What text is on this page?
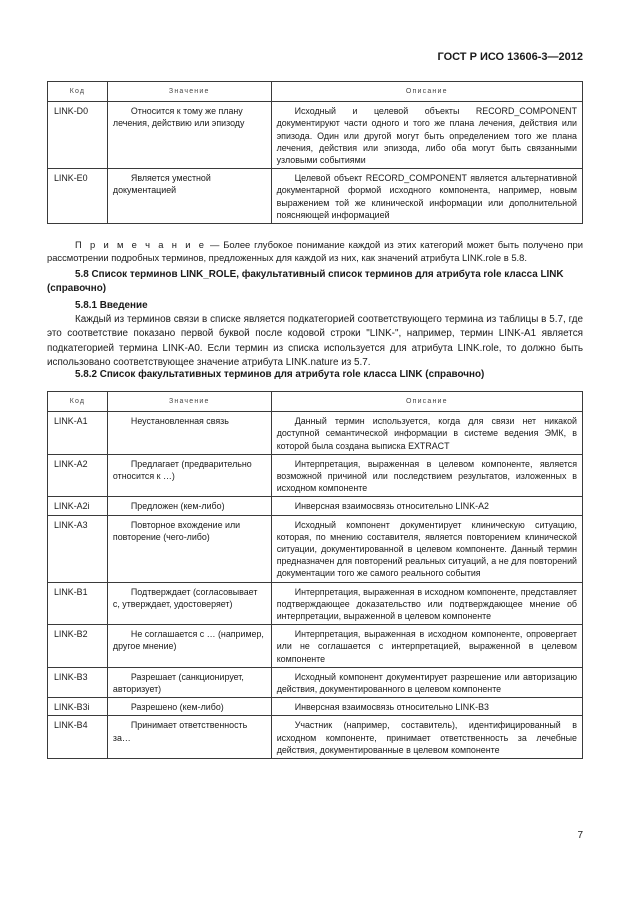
ГОСТ Р ИСО 13606-3—2012
Код	Значение	Описание
LINK-D0	Относится к тому же плану лечения, действию или эпизоду	Исходный и целевой объекты RECORD_COMPONENT документируют части одного и того же плана лечения, действия или эпизода. Один или другой могут быть определением того же плана лечения, действия или эпизода, либо оба могут быть связанными узловыми событиями
LINK-E0	Является уместной документацией	Целевой объект RECORD_COMPONENT является альтернативной документарной формой исходного компонента, например, новым выражением той же клинической информации или дополнительной поясняющей информацией
П р и м е ч а н и е — Более глубокое понимание каждой из этих категорий может быть получено при рассмотрении подробных терминов, предложенных для каждой из них, как значений атрибута LINK.role в 5.8.
5.8 Список терминов LINK_ROLE, факультативный список терминов для атрибута role класса LINK (справочно)
5.8.1 Введение
Каждый из терминов связи в списке является подкатегорией соответствующего термина из таблицы в 5.7, где это соответствие показано первой буквой после кодовой строки "LINK-", например, термин LINK-A1 является подкатегорией термина LINK-A0. Если термин из списка используется для атрибута LINK.role, то должно быть использовано соответствующее значение атрибута LINK.nature из 5.7.
5.8.2 Список факультативных терминов для атрибута role класса LINK (справочно)
Код	Значение	Описание
LINK-A1	Неустановленная связь	Данный термин используется, когда для связи нет никакой доступной семантической информации в системе ведения ЭМК, в которой была создана выписка EXTRACT
LINK-A2	Предлагает (предварительно относится к …)	Интерпретация, выраженная в целевом компоненте, является возможной причиной или последствием результатов, изложенных в исходном компоненте
LINK-A2i	Предложен (кем-либо)	Инверсная взаимосвязь относительно LINK-A2
LINK-A3	Повторное вхождение или повторение (чего-либо)	Исходный компонент документирует клиническую ситуацию, которая, по мнению составителя, является повторением клинической ситуации, документированной в целевом компоненте. Данный термин предназначен для повторений реальных ситуаций, а не для повторений документации того же самого реального события
LINK-B1	Подтверждает (согласовывает с, утверждает, удостоверяет)	Интерпретация, выраженная в исходном компоненте, представляет подтверждающее доказательство или подтверждающее мнение об интерпретации, выраженной в целевом компоненте
LINK-B2	Не соглашается с … (например, другое мнение)	Интерпретация, выраженная в исходном компоненте, опровергает или не соглашается с интерпретацией, выраженной в целевом компоненте
LINK-B3	Разрешает (санкционирует, авторизует)	Исходный компонент документирует разрешение или авторизацию действия, документированного в целевом компоненте
LINK-B3i	Разрешено (кем-либо)	Инверсная взаимосвязь относительно LINK-B3
LINK-B4	Принимает ответственность за…	Участник (например, составитель), идентифицированный в исходном компоненте, принимает ответственность за лечебные действия, документированные в целевом компоненте
7
